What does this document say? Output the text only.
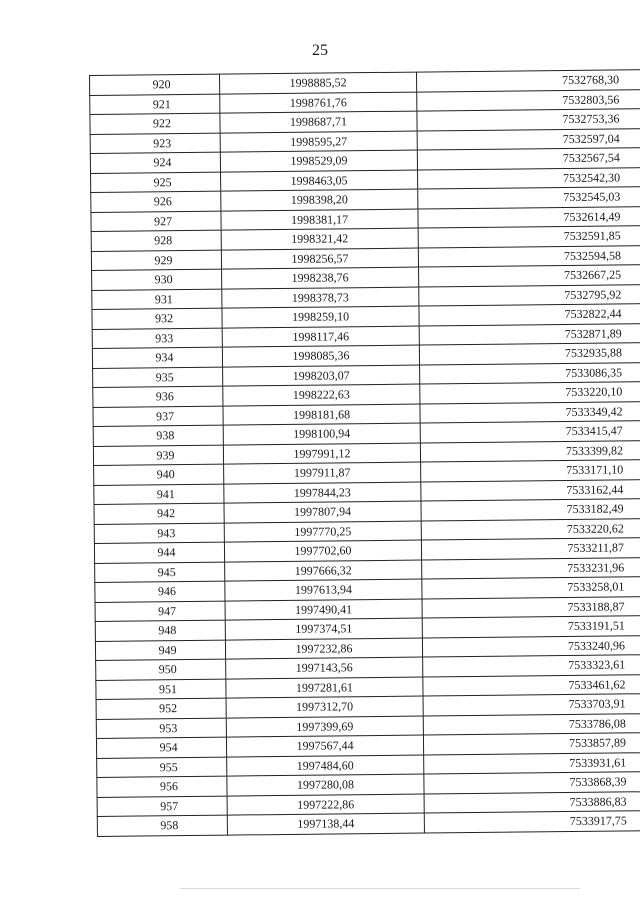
25
920	1998885,52	7532768,30
921	1998761,76	7532803,56
922	1998687,71	7532753,36
923	1998595,27	7532597,04
924	1998529,09	7532567,54
925	1998463,05	7532542,30
926	1998398,20	7532545,03
927	1998381,17	7532614,49
928	1998321,42	7532591,85
929	1998256,57	7532594,58
930	1998238,76	7532667,25
931	1998378,73	7532795,92
932	1998259,10	7532822,44
933	1998117,46	7532871,89
934	1998085,36	7532935,88
935	1998203,07	7533086,35
936	1998222,63	7533220,10
937	1998181,68	7533349,42
938	1998100,94	7533415,47
939	1997991,12	7533399,82
940	1997911,87	7533171,10
941	1997844,23	7533162,44
942	1997807,94	7533182,49
943	1997770,25	7533220,62
944	1997702,60	7533211,87
945	1997666,32	7533231,96
946	1997613,94	7533258,01
947	1997490,41	7533188,87
948	1997374,51	7533191,51
949	1997232,86	7533240,96
950	1997143,56	7533323,61
951	1997281,61	7533461,62
952	1997312,70	7533703,91
953	1997399,69	7533786,08
954	1997567,44	7533857,89
955	1997484,60	7533931,61
956	1997280,08	7533868,39
957	1997222,86	7533886,83
958	1997138,44	7533917,75
